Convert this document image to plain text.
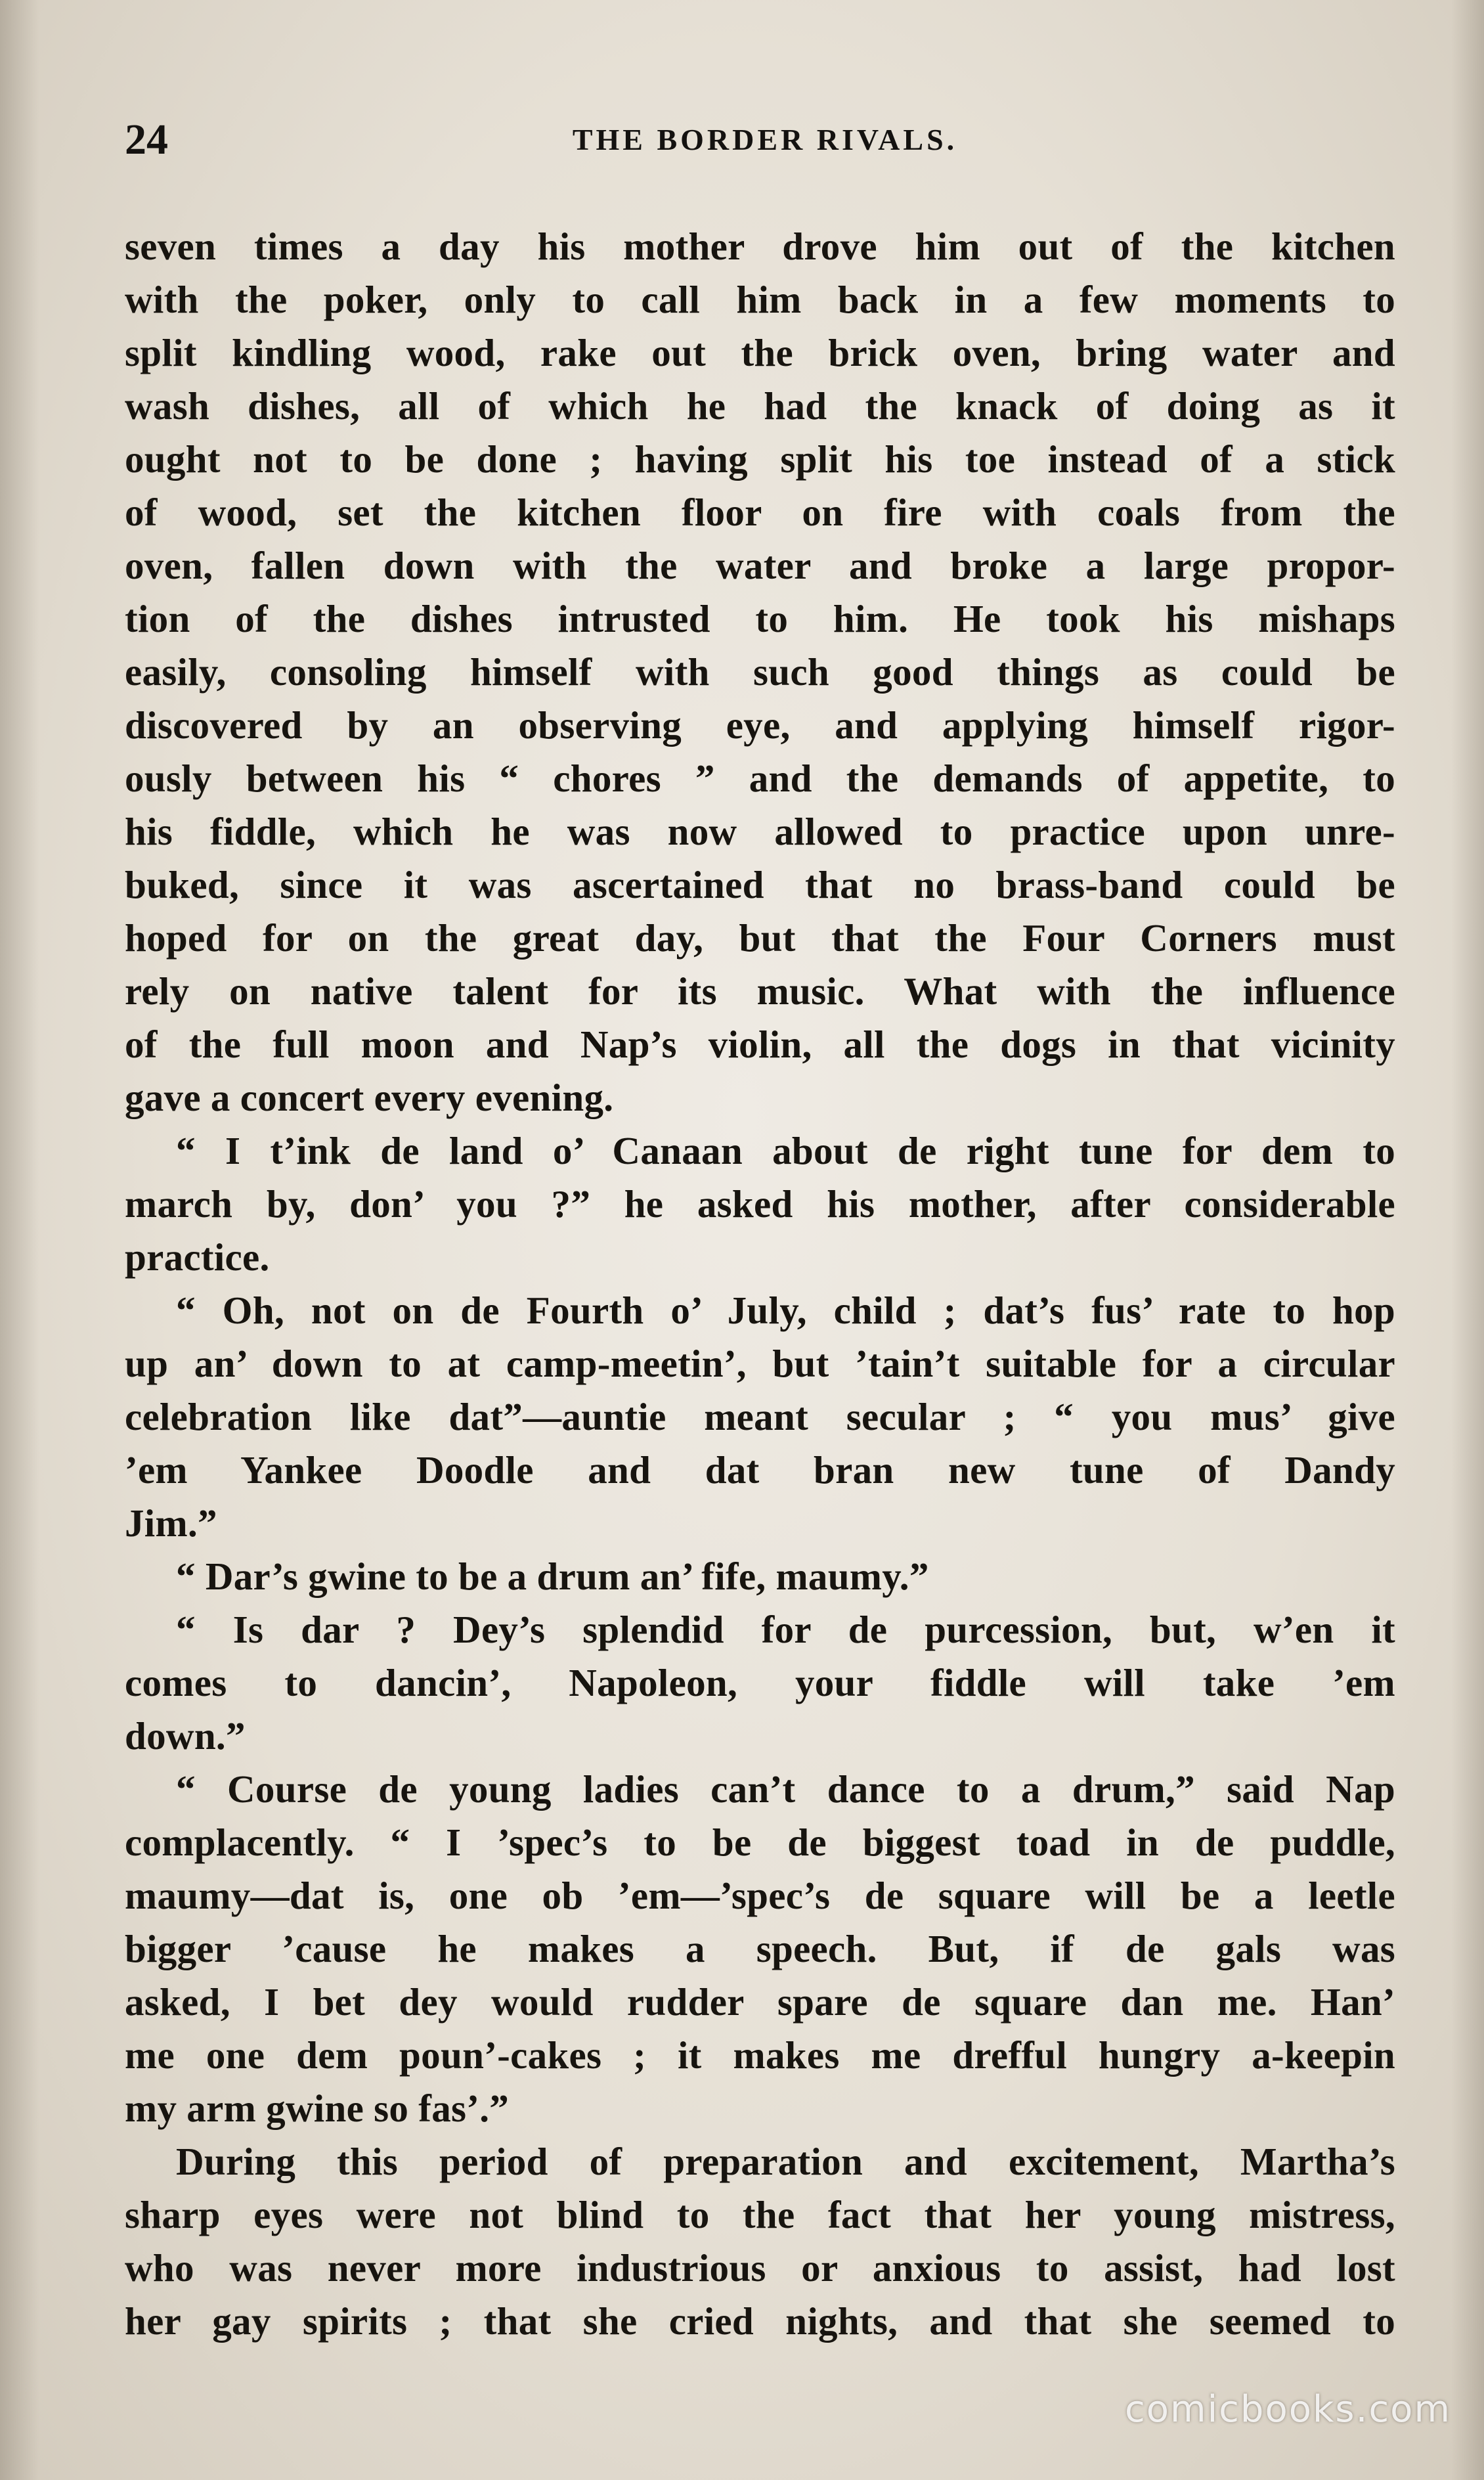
24	THE BORDER RIVALS.
seven times a day his mother drove him out of the kitchen
with the poker, only to call him back in a few moments to
split kindling wood, rake out the brick oven, bring water and
wash dishes, all of which he had the knack of doing as it
ought not to be done ; having split his toe instead of a stick
of wood, set the kitchen floor on fire with coals from the
oven, fallen down with the water and broke a large propor-
tion of the dishes intrusted to him. He took his mishaps
easily, consoling himself with such good things as could be
discovered by an observing eye, and applying himself rigor-
ously between his “ chores ” and the demands of appetite, to
his fiddle, which he was now allowed to practice upon unre-
buked, since it was ascertained that no brass-band could be
hoped for on the great day, but that the Four Corners must
rely on native talent for its music. What with the influence
of the full moon and Nap’s violin, all the dogs in that vicinity
gave a concert every evening.
“ I t’ink de land o’ Canaan about de right tune for dem to
march by, don’ you ?” he asked his mother, after considerable
practice.
“ Oh, not on de Fourth o’ July, child ; dat’s fus’ rate to hop
up an’ down to at camp-meetin’, but ’tain’t suitable for a circular
celebration like dat”—auntie meant secular ; “ you mus’ give
’em Yankee Doodle and dat bran new tune of Dandy
Jim.”
“ Dar’s gwine to be a drum an’ fife, maumy.”
“ Is dar ? Dey’s splendid for de purcession, but, w’en it
comes to dancin’, Napoleon, your fiddle will take ’em
down.”
“ Course de young ladies can’t dance to a drum,” said Nap
complacently. “ I ’spec’s to be de biggest toad in de puddle,
maumy—dat is, one ob ’em—’spec’s de square will be a leetle
bigger ’cause he makes a speech. But, if de gals was
asked, I bet dey would rudder spare de square dan me. Han’
me one dem poun’-cakes ; it makes me drefful hungry a-keepin
my arm gwine so fas’.”
During this period of preparation and excitement, Martha’s
sharp eyes were not blind to the fact that her young mistress,
who was never more industrious or anxious to assist, had lost
her gay spirits ; that she cried nights, and that she seemed to
comicbooks.com
